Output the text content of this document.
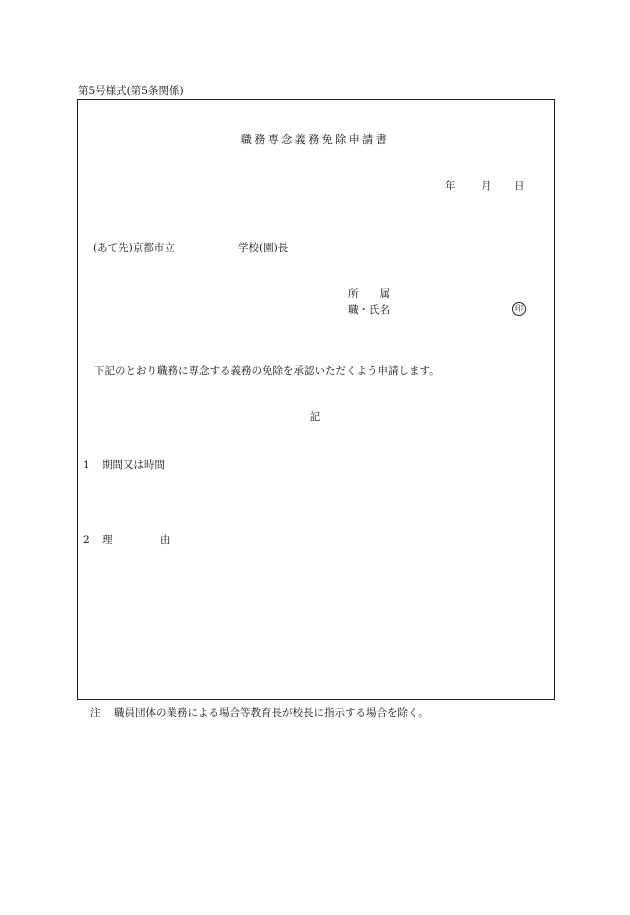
第5号様式(第5条関係)
職務専念義務免除申請書
年 月 日
(あて先)京都市立	学校(園)長
所　　属
職・氏名	印
下記のとおり職務に専念する義務の免除を承認いただくよう申請します。
記
1 期間又は時間
2 理	由
注 職員団体の業務による場合等教育長が校長に指示する場合を除く。
